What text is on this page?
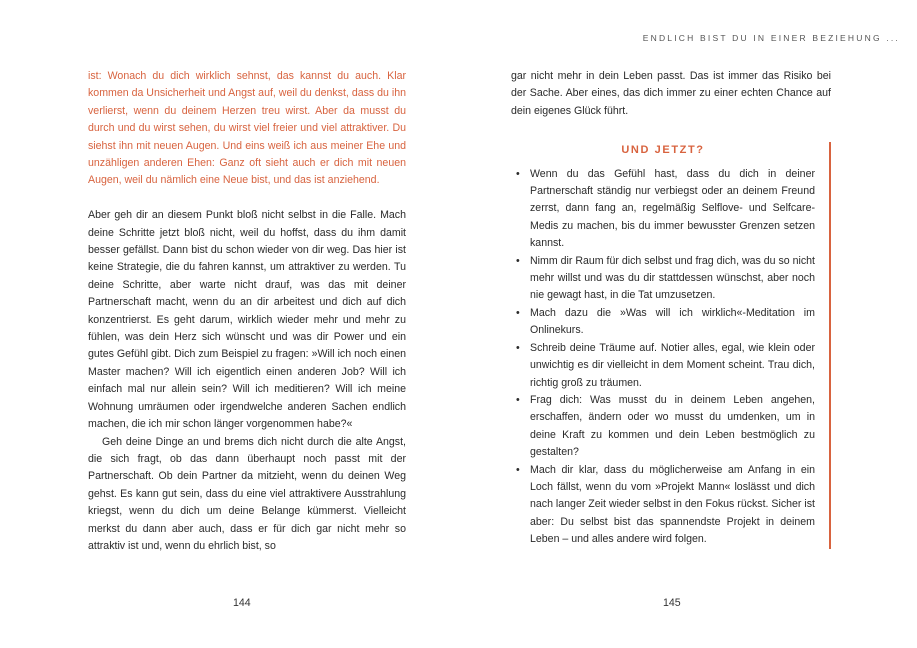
ENDLICH BIST DU IN EINER BEZIEHUNG ...

ist: Wonach du dich wirklich sehnst, das kannst du auch. Klar kommen da Unsicherheit und Angst auf, weil du denkst, dass du ihn verlierst, wenn du deinem Herzen treu wirst. Aber da musst du durch und du wirst sehen, du wirst viel freier und viel attraktiver. Du siehst ihn mit neuen Augen. Und eins weiß ich aus meiner Ehe und unzähligen anderen Ehen: Ganz oft sieht auch er dich mit neuen Augen, weil du nämlich eine Neue bist, und das ist anziehend.

Aber geh dir an diesem Punkt bloß nicht selbst in die Falle. Mach deine Schritte jetzt bloß nicht, weil du hoffst, dass du ihm damit besser gefällst. Dann bist du schon wieder von dir weg. Das hier ist keine Strategie, die du fahren kannst, um attraktiver zu werden. Tu deine Schritte, aber warte nicht drauf, was das mit deiner Partnerschaft macht, wenn du an dir arbeitest und dich auf dich konzentrierst. Es geht darum, wirklich wieder mehr und mehr zu fühlen, was dein Herz sich wünscht und was dir Power und ein gutes Gefühl gibt. Dich zum Beispiel zu fragen: »Will ich noch einen Master machen? Will ich eigentlich einen anderen Job? Will ich einfach mal nur allein sein? Will ich meditieren? Will ich meine Wohnung umräumen oder irgendwelche anderen Sachen endlich machen, die ich mir schon länger vorgenommen habe?«

Geh deine Dinge an und brems dich nicht durch die alte Angst, die sich fragt, ob das dann überhaupt noch passt mit der Partnerschaft. Ob dein Partner da mitzieht, wenn du deinen Weg gehst. Es kann gut sein, dass du eine viel attraktivere Ausstrahlung kriegst, wenn du dich um deine Belange kümmerst. Vielleicht merkst du dann aber auch, dass er für dich gar nicht mehr so attraktiv ist und, wenn du ehrlich bist, so

gar nicht mehr in dein Leben passt. Das ist immer das Risiko bei der Sache. Aber eines, das dich immer zu einer echten Chance auf dein eigenes Glück führt.

UND JETZT?
• Wenn du das Gefühl hast, dass du dich in deiner Partnerschaft ständig nur verbiegst oder an deinem Freund zerrst, dann fang an, regelmäßig Selflove- und Selfcare-Medis zu machen, bis du immer bewusster Grenzen setzen kannst.
• Nimm dir Raum für dich selbst und frag dich, was du so nicht mehr willst und was du dir stattdessen wünschst, aber noch nie gewagt hast, in die Tat umzusetzen.
• Mach dazu die »Was will ich wirklich«-Meditation im Onlinekurs.
• Schreib deine Träume auf. Notier alles, egal, wie klein oder unwichtig es dir vielleicht in dem Moment scheint. Trau dich, richtig groß zu träumen.
• Frag dich: Was musst du in deinem Leben angehen, erschaffen, ändern oder wo musst du umdenken, um in deine Kraft zu kommen und dein Leben bestmöglich zu gestalten?
• Mach dir klar, dass du möglicherweise am Anfang in ein Loch fällst, wenn du vom »Projekt Mann« loslässt und dich nach langer Zeit wieder selbst in den Fokus rückst. Sicher ist aber: Du selbst bist das spannendste Projekt in deinem Leben – und alles andere wird folgen.
144	145
